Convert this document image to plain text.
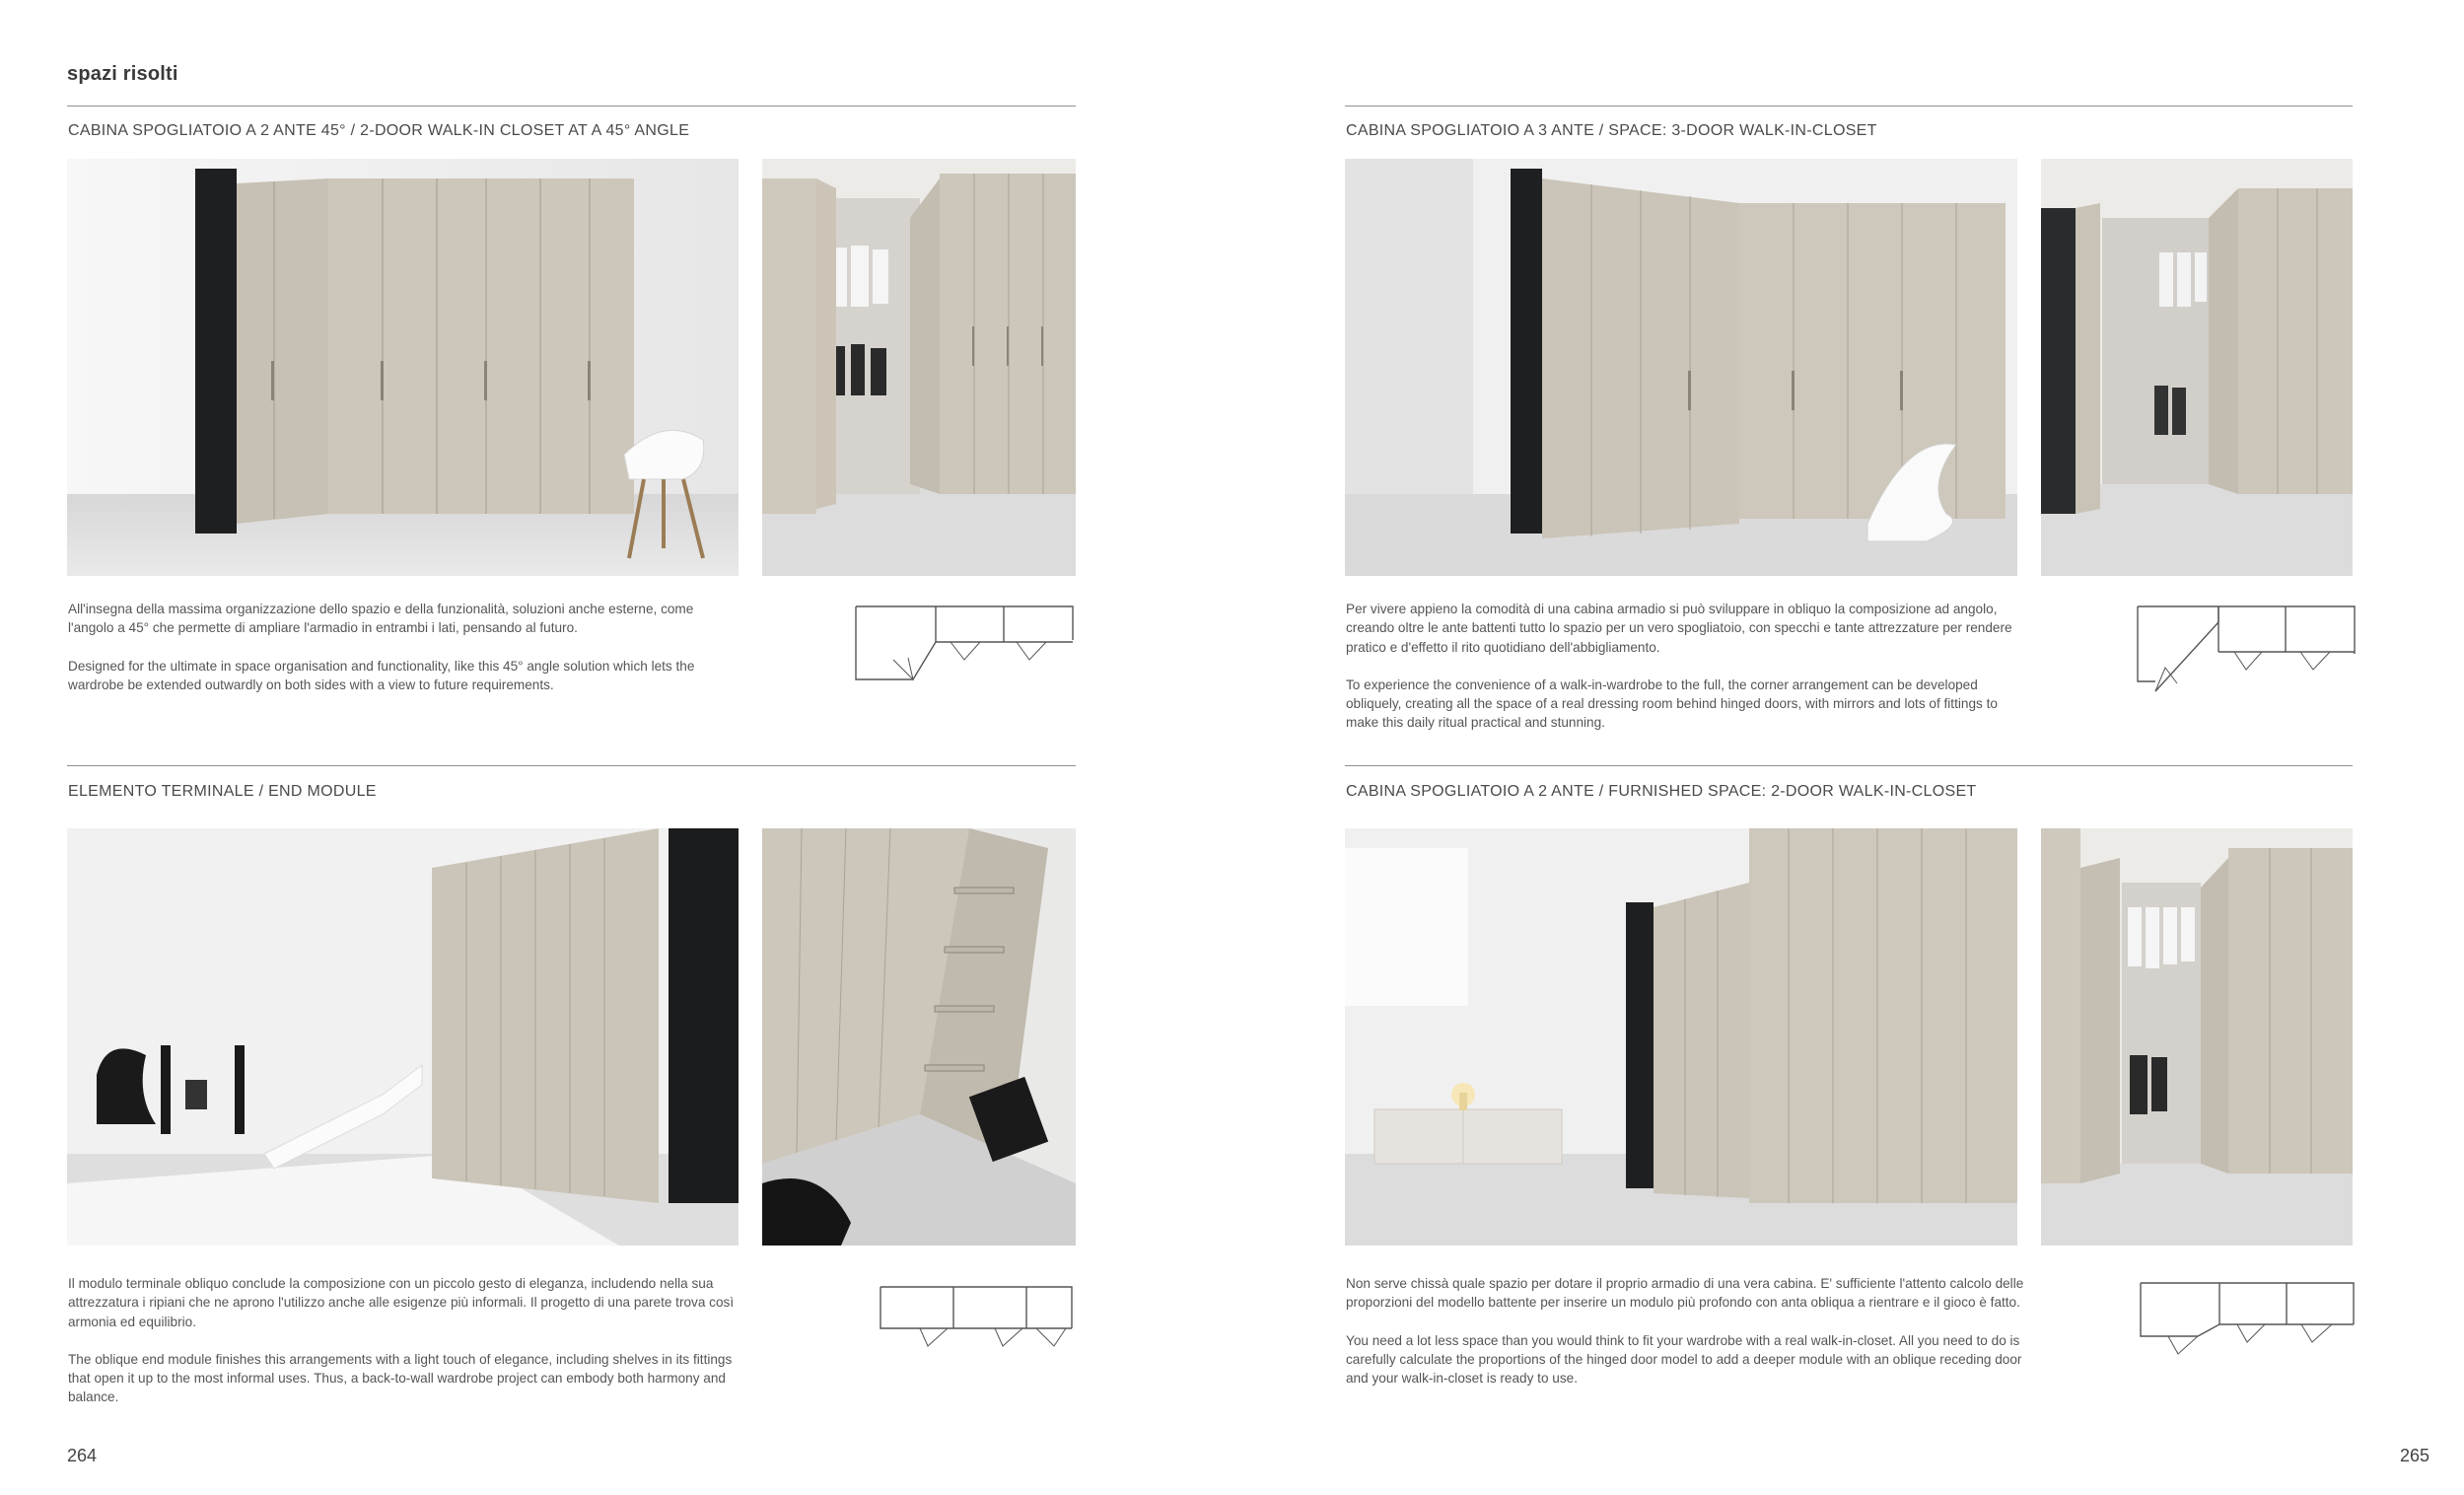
spazi risolti
CABINA SPOGLIATOIO A 2 ANTE 45° / 2-DOOR WALK-IN CLOSET AT A 45° ANGLE

All'insegna della massima organizzazione dello spazio e della funzionalità, soluzioni anche esterne, come l'angolo a 45° che permette di ampliare l'armadio in entrambi i lati, pensando al futuro.

Designed for the ultimate in space organisation and functionality, like this 45° angle solution which lets the wardrobe be extended outwardly on both sides with a view to future requirements.

CABINA SPOGLIATOIO A 3 ANTE / SPACE: 3-DOOR WALK-IN-CLOSET

Per vivere appieno la comodità di una cabina armadio si può sviluppare in obliquo la composizione ad angolo, creando oltre le ante battenti tutto lo spazio per un vero spogliatoio, con specchi e tante attrezzature per rendere pratico e d'effetto il rito quotidiano dell'abbigliamento.

To experience the convenience of a walk-in-wardrobe to the full, the corner arrangement can be developed obliquely, creating all the space of a real dressing room behind hinged doors, with mirrors and lots of fittings to make this daily ritual practical and stunning.

ELEMENTO TERMINALE / END MODULE

Il modulo terminale obliquo conclude la composizione con un piccolo gesto di eleganza, includendo nella sua attrezzatura i ripiani che ne aprono l'utilizzo anche alle esigenze più informali. Il progetto di una parete trova così armonia ed equilibrio.

The oblique end module finishes this arrangements with a light touch of elegance, including shelves in its fittings that open it up to the most informal uses. Thus, a back-to-wall wardrobe project can embody both harmony and balance.

CABINA SPOGLIATOIO A 2 ANTE / FURNISHED SPACE: 2-DOOR WALK-IN-CLOSET

Non serve chissà quale spazio per dotare il proprio armadio di una vera cabina. E' sufficiente l'attento calcolo delle proporzioni del modello battente per inserire un modulo più profondo con anta obliqua a rientrare e il gioco è fatto.

You need a lot less space than you would think to fit your wardrobe with a real walk-in-closet. All you need to do is carefully calculate the proportions of the hinged door model to add a deeper module with an oblique receding door and your walk-in-closet is ready to use.

264	265
